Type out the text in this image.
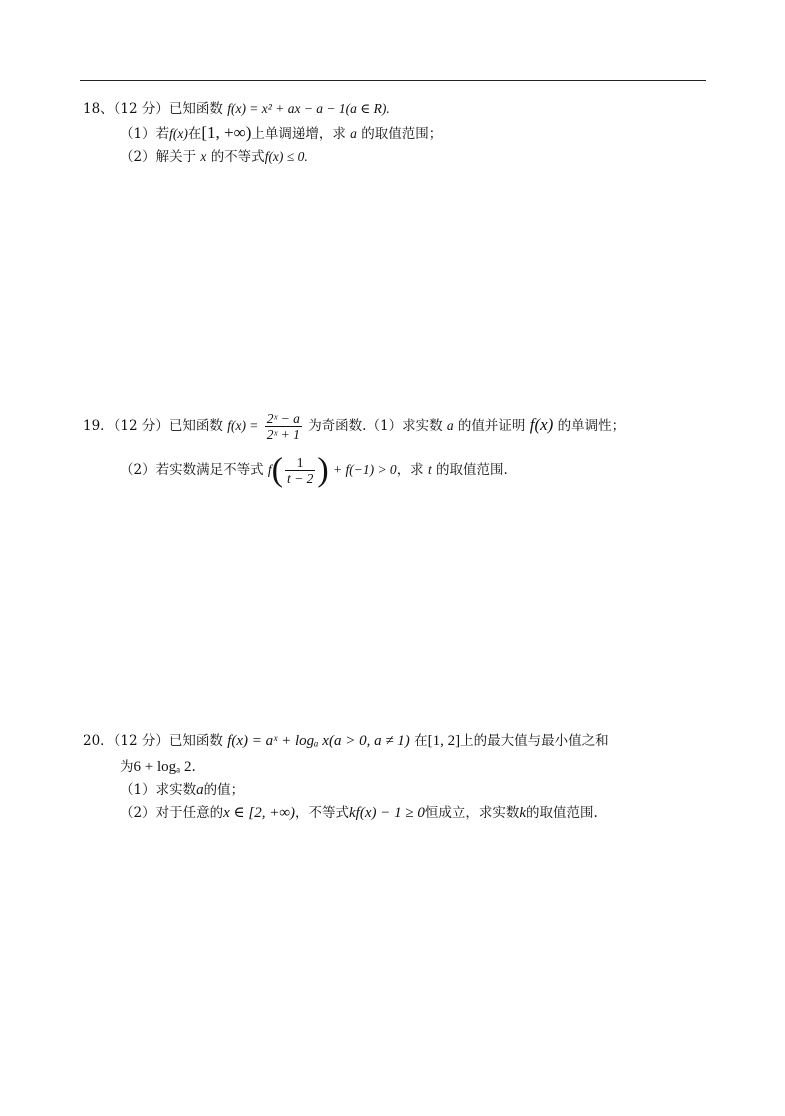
18、（12 分）已知函数 f(x) = x² + ax − a − 1(a ∈ R).
（1）若f(x)在[1, +∞)上单调递增，求 a 的取值范围；
（2）解关于 x 的不等式f(x) ≤ 0.
19．（12 分）已知函数 $f(x) = \frac{\text{2ˣ − a}}{\text{2ˣ + 1}}$ 为奇函数.（1）求实数 a 的值并证明 f(x) 的单调性；
（2）若实数满足不等式 $f( \frac{1}{t - 2}$ ) + f(−1) > 0，求 t 的取值范围.
20．（12 分）已知函数 f(x) = aˣ + logₐ x(a > 0, a ≠ 1) 在[1, 2]上的最大值与最小值之和
为6 + logₐ 2.
（1）求实数a的值；
（2）对于任意的x ∈ [2, +∞)，不等式kf(x) − 1 ≥ 0恒成立，求实数k的取值范围.
